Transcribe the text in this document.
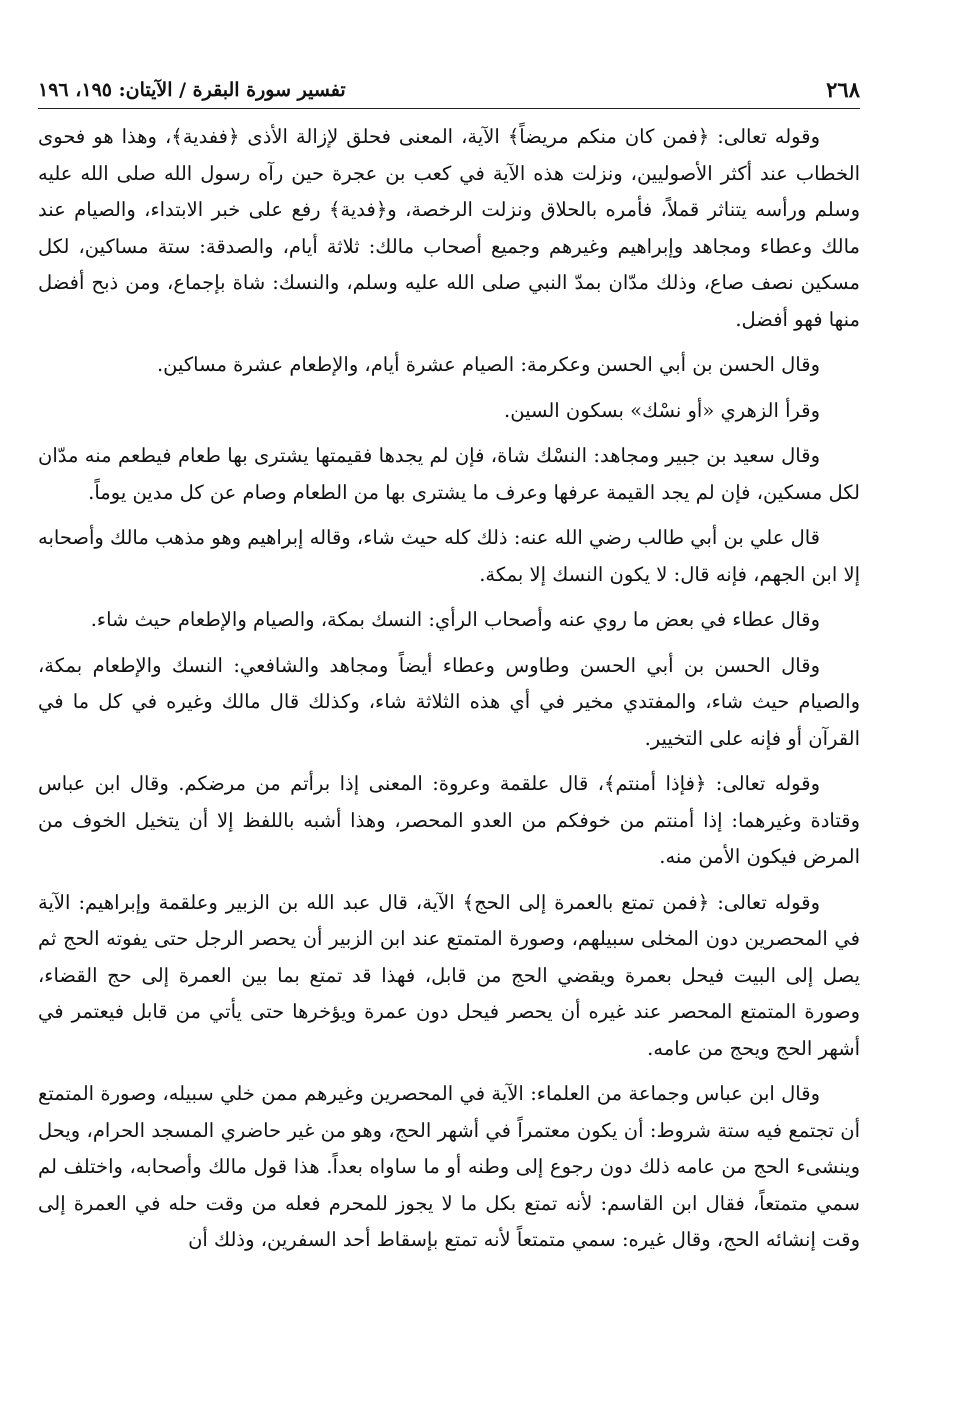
٢٦٨
تفسير سورة البقرة / الآيتان: ١٩٥، ١٩٦

وقوله تعالى: ﴿فمن كان منكم مريضاً﴾ الآية، المعنى فحلق لإزالة الأذى ﴿ففدية﴾، وهذا هو فحوى الخطاب عند أكثر الأصوليين، ونزلت هذه الآية في كعب بن عجرة حين رآه رسول الله صلى الله عليه وسلم ورأسه يتناثر قملاً، فأمره بالحلاق ونزلت الرخصة، و﴿فدية﴾ رفع على خبر الابتداء، والصيام عند مالك وعطاء ومجاهد وإبراهيم وغيرهم وجميع أصحاب مالك: ثلاثة أيام، والصدقة: ستة مساكين، لكل مسكين نصف صاع، وذلك مدّان بمدّ النبي صلى الله عليه وسلم، والنسك: شاة بإجماع، ومن ذبح أفضل منها فهو أفضل.

وقال الحسن بن أبي الحسن وعكرمة: الصيام عشرة أيام، والإطعام عشرة مساكين.

وقرأ الزهري «أو نسْك» بسكون السين.

وقال سعيد بن جبير ومجاهد: النسْك شاة، فإن لم يجدها فقيمتها يشترى بها طعام فيطعم منه مدّان لكل مسكين، فإن لم يجد القيمة عرفها وعرف ما يشترى بها من الطعام وصام عن كل مدين يوماً.

قال علي بن أبي طالب رضي الله عنه: ذلك كله حيث شاء، وقاله إبراهيم وهو مذهب مالك وأصحابه إلا ابن الجهم، فإنه قال: لا يكون النسك إلا بمكة.

وقال عطاء في بعض ما روي عنه وأصحاب الرأي: النسك بمكة، والصيام والإطعام حيث شاء.

وقال الحسن بن أبي الحسن وطاوس وعطاء أيضاً ومجاهد والشافعي: النسك والإطعام بمكة، والصيام حيث شاء، والمفتدي مخير في أي هذه الثلاثة شاء، وكذلك قال مالك وغيره في كل ما في القرآن أو فإنه على التخيير.

وقوله تعالى: ﴿فإذا أمنتم﴾، قال علقمة وعروة: المعنى إذا برأتم من مرضكم. وقال ابن عباس وقتادة وغيرهما: إذا أمنتم من خوفكم من العدو المحصر، وهذا أشبه باللفظ إلا أن يتخيل الخوف من المرض فيكون الأمن منه.

وقوله تعالى: ﴿فمن تمتع بالعمرة إلى الحج﴾ الآية، قال عبد الله بن الزبير وعلقمة وإبراهيم: الآية في المحصرين دون المخلى سبيلهم، وصورة المتمتع عند ابن الزبير أن يحصر الرجل حتى يفوته الحج ثم يصل إلى البيت فيحل بعمرة ويقضي الحج من قابل، فهذا قد تمتع بما بين العمرة إلى حج القضاء، وصورة المتمتع المحصر عند غيره أن يحصر فيحل دون عمرة ويؤخرها حتى يأتي من قابل فيعتمر في أشهر الحج ويحج من عامه.

وقال ابن عباس وجماعة من العلماء: الآية في المحصرين وغيرهم ممن خلي سبيله، وصورة المتمتع أن تجتمع فيه ستة شروط: أن يكون معتمراً في أشهر الحج، وهو من غير حاضري المسجد الحرام، ويحل وينشىء الحج من عامه ذلك دون رجوع إلى وطنه أو ما ساواه بعداً. هذا قول مالك وأصحابه، واختلف لم سمي متمتعاً، فقال ابن القاسم: لأنه تمتع بكل ما لا يجوز للمحرم فعله من وقت حله في العمرة إلى وقت إنشائه الحج، وقال غيره: سمي متمتعاً لأنه تمتع بإسقاط أحد السفرين، وذلك أن
